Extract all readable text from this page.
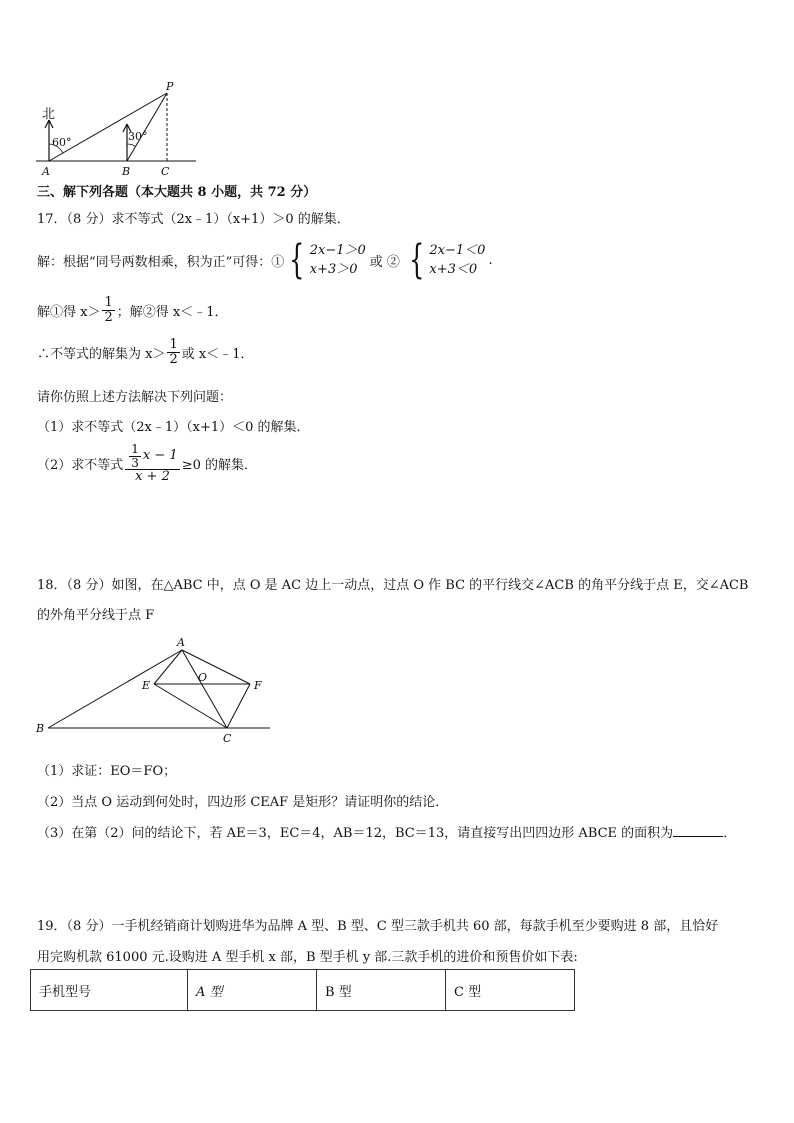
北
60°	30°
A	B	C
P
三、解下列各题（本大题共 8 小题，共 72 分）
17．（8 分）求不等式（2x﹣1）（x+1）＞0 的解集．
解：根据“同号两数相乘，积为正”可得：① { 2x−1＞0
x+3＞0 或 ② { 2x−1＜0
x+3＜0
.
解①得 $x> \frac{1}{2}$ ；解②得 x＜﹣1．
∴不等式的解集为 $x> \frac{1}{2}$ 或 x＜﹣1．
请你仿照上述方法解决下列问题：
（1）求不等式（2x﹣1）（x+1）＜0 的解集．
（2）求不等式 $\frac{\frac{1}{3} x - 1}{x + 2} \ge 0$ 的解集．
18．（8 分）如图，在△ABC 中，点 O 是 AC 边上一动点，过点 O 作 BC 的平行线交∠ACB 的角平分线于点 E，交∠ACB
的外角平分线于点 F
A
B
C
E	F
O
（1）求证：EO＝FO；
（2）当点 O 运动到何处时，四边形 CEAF 是矩形？请证明你的结论．
（3）在第（2）问的结论下，若 AE＝3，EC＝4，AB＝12，BC＝13，请直接写出凹四边形 ABCE 的面积为	．
19．（8 分）一手机经销商计划购进华为品牌 A 型、B 型、C 型三款手机共 60 部，每款手机至少要购进 8 部，且恰好
用完购机款 61000 元.设购进 A 型手机 x 部，B 型手机 y 部.三款手机的进价和预售价如下表:
手机型号	A 型	B 型	C 型
